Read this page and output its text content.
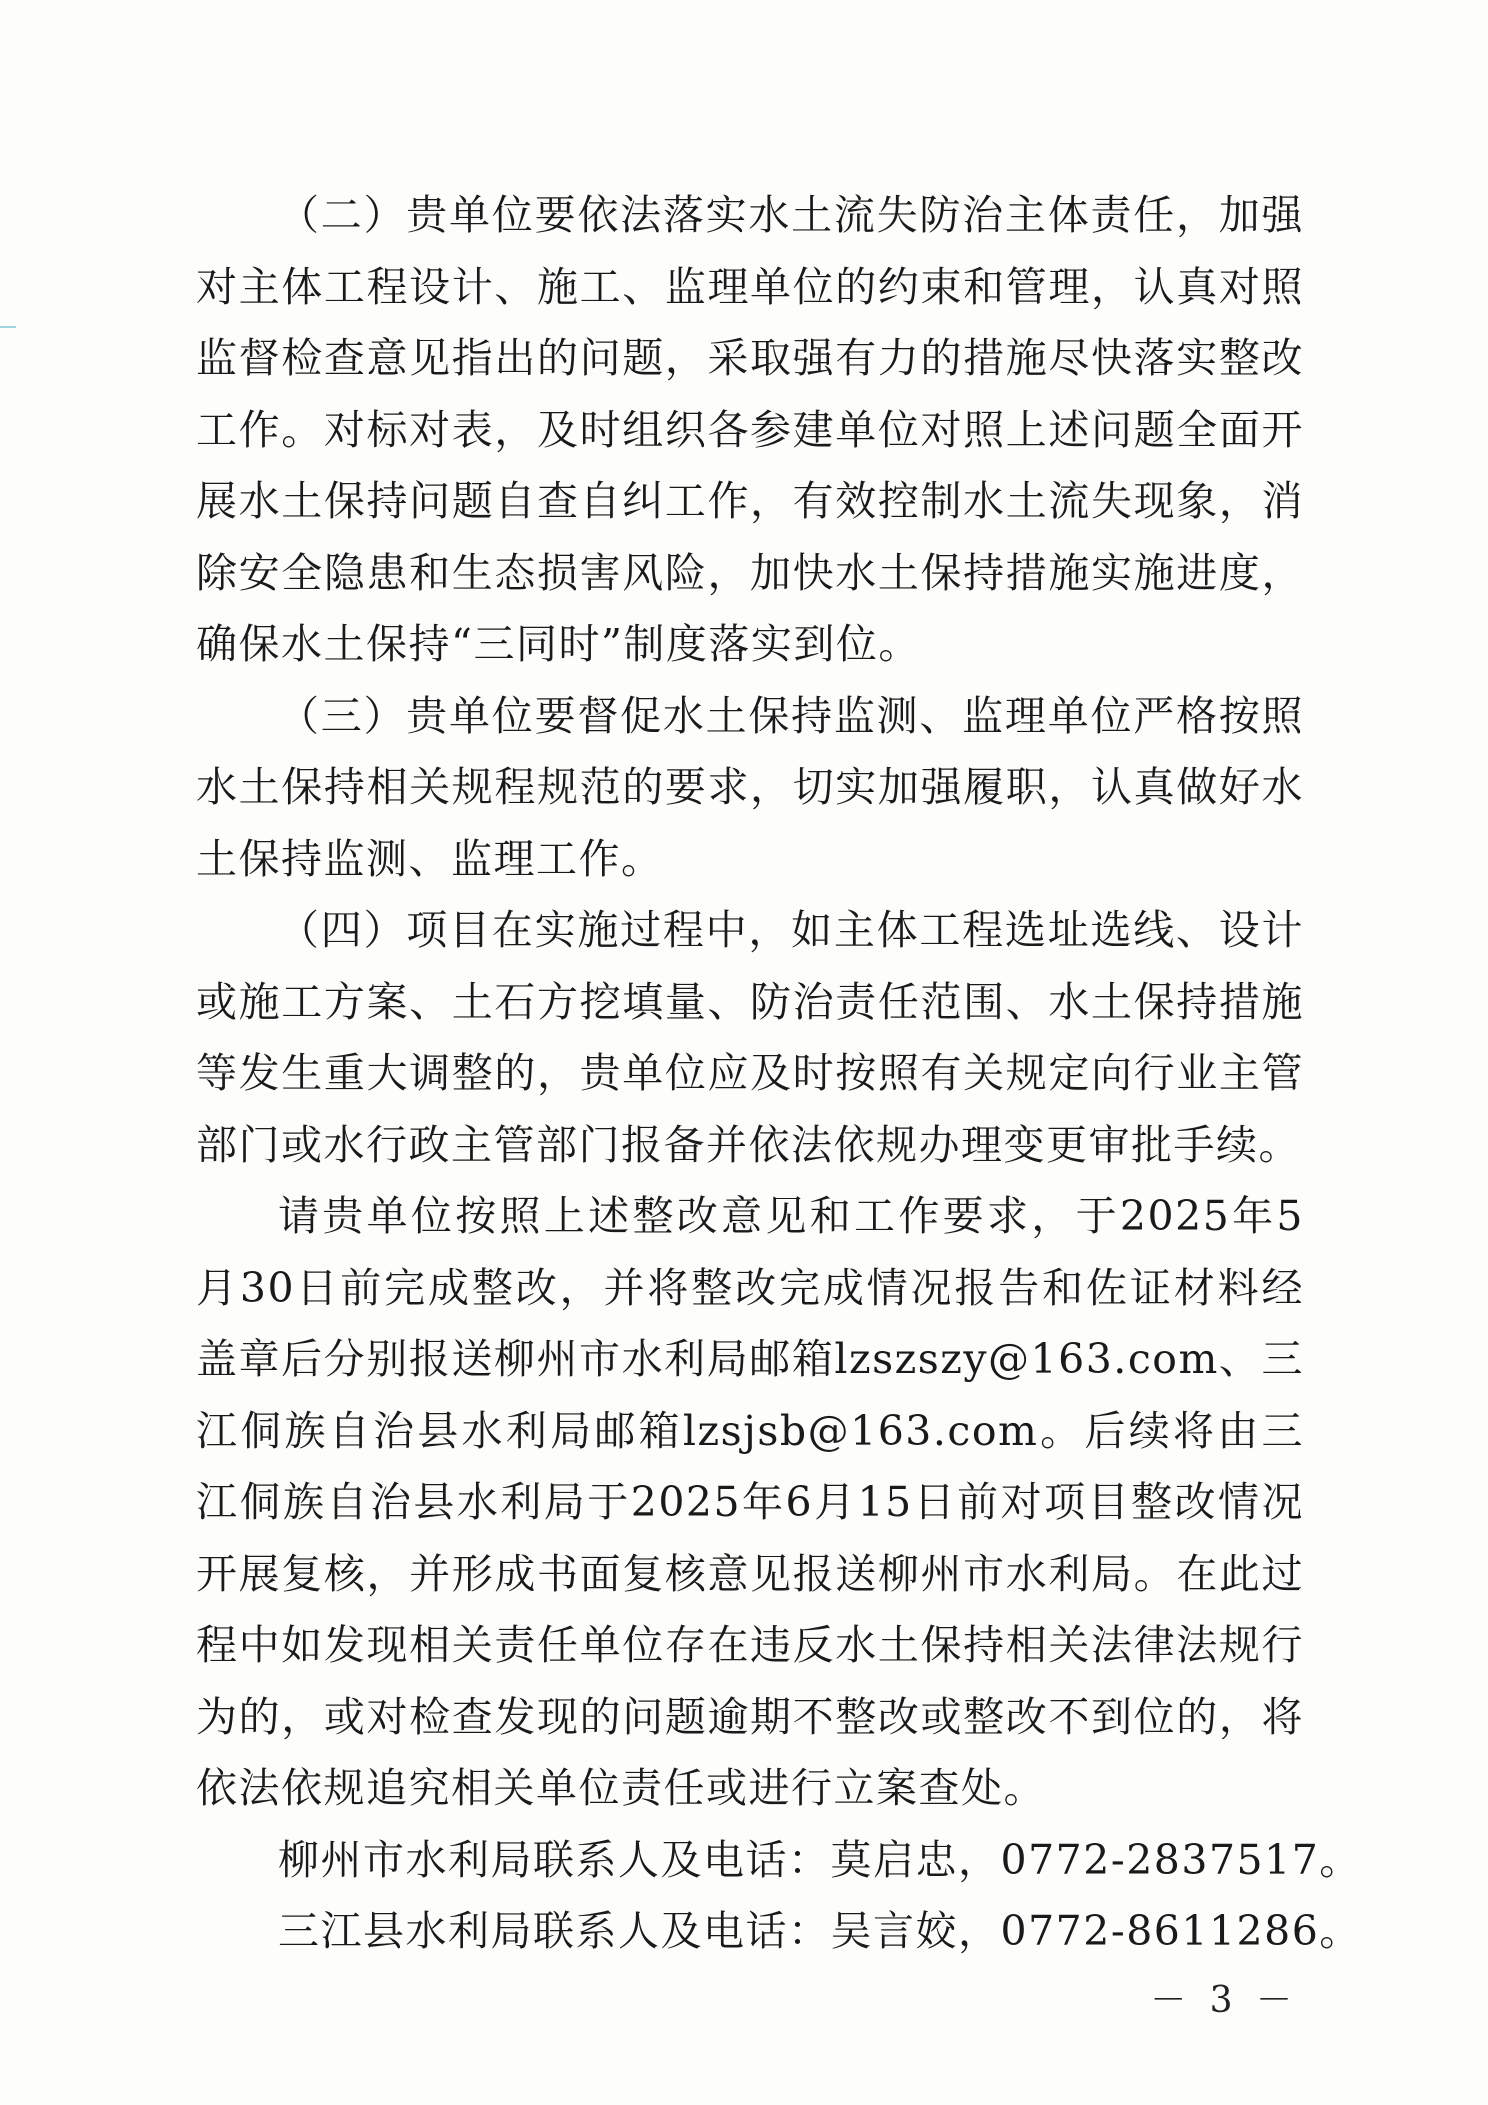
（二）贵单位要依法落实水土流失防治主体责任，加强对主体工程设计、施工、监理单位的约束和管理，认真对照监督检查意见指出的问题，采取强有力的措施尽快落实整改工作。对标对表，及时组织各参建单位对照上述问题全面开展水土保持问题自查自纠工作，有效控制水土流失现象，消除安全隐患和生态损害风险，加快水土保持措施实施进度，确保水土保持“三同时”制度落实到位。

（三）贵单位要督促水土保持监测、监理单位严格按照水土保持相关规程规范的要求，切实加强履职，认真做好水土保持监测、监理工作。

（四）项目在实施过程中，如主体工程选址选线、设计或施工方案、土石方挖填量、防治责任范围、水土保持措施等发生重大调整的，贵单位应及时按照有关规定向行业主管部门或水行政主管部门报备并依法依规办理变更审批手续。

请贵单位按照上述整改意见和工作要求，于2025年5月30日前完成整改，并将整改完成情况报告和佐证材料经盖章后分别报送柳州市水利局邮箱lzszszy@163.com、三江侗族自治县水利局邮箱lzsjsb@163.com。后续将由三江侗族自治县水利局于2025年6月15日前对项目整改情况开展复核，并形成书面复核意见报送柳州市水利局。在此过程中如发现相关责任单位存在违反水土保持相关法律法规行为的，或对检查发现的问题逾期不整改或整改不到位的，将依法依规追究相关单位责任或进行立案查处。

柳州市水利局联系人及电话：莫启忠，0772-2837517。

三江县水利局联系人及电话：吴言姣，0772-8611286。

－ 3 －
